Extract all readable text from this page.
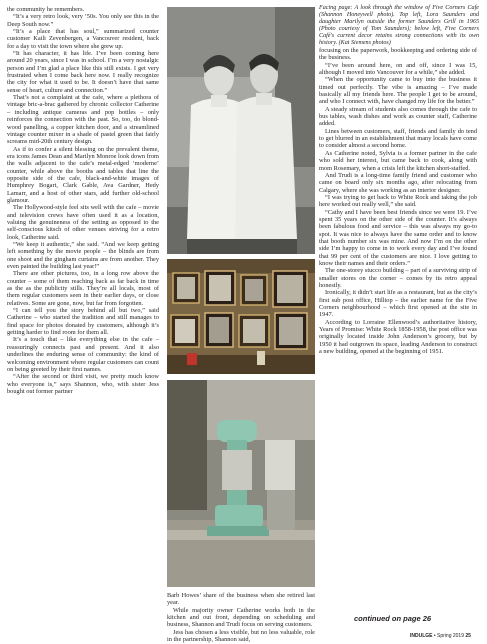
the community he remembers.

“It’s a very retro look, very ’50s. You only see this in the Deep South now.”

“It’s a place that has soul,” summarized counter customer Kaili Zevenbergen, a Vancouver resident, back for a day to visit the town where she grew up.

“It has character, it has life. I’ve been coming here around 20 years, since I was in school. I’m a very nostalgic person and I’m glad a place like this still exists. I get very frustrated when I come back here now. I really recognize the city for what it used to be. It doesn’t have that same sense of heart, culture and connection.”

That’s not a complaint at the cafe, where a plethora of vintage bric-a-brac gathered by chronic collector Catherine – including antique cameras and pop bottles – only reinforces the connection with the past. So, too, do blond-wood panelling, a copper kitchen door, and a streamlined vintage counter mixer in a shade of pastel green that fairly screams mid-20th century design.

As if to confer a silent blessing on the prevalent theme, era icons James Dean and Marilyn Monroe look down from the walls adjacent to the cafe’s metal-edged ‘moderne’ counter, while above the booths and tables that line the opposite side of the cafe, black-and-white images of Humphrey Bogart, Clark Gable, Ava Gardner, Hedy Lamarr, and a host of other stars, add further old-school glamour.

The Hollywood-style feel sits well with the cafe – movie and television crews have often used it as a location, valuing the genuineness of the setting as opposed to the self-conscious kitsch of other venues striving for a retro look, Catherine said.

“We keep it authentic,” she said. “And we keep getting left something by the movie people – the blinds are from one shoot and the gingham curtains are from another. They even painted the building last year!”

There are other pictures, too, in a long row above the counter – some of them reaching back as far back in time as the as the publicity stills. They’re all locals, most of them regular customers seen in their earlier days, or close relatives. Some are gone, now, but far from forgotten.

“I can tell you the story behind all but two,” said Catherine – who started the tradition and still manages to find space for photos donated by customers, although it’s getting harder to find room for them all.

It’s a touch that – like everything else in the cafe – reassuringly connects past and present. And it also underlines the enduring sense of community: the kind of welcoming environment where regular customers can count on being greeted by their first names.

“After the second or third visit, we pretty much know who everyone is,” says Shannon, who, with sister Jess bought out former partner

Facing page: A look through the window of Five Corners Cafe (Shannon Honeywell photo). Top left, Lora Saunders and daughter Marilyn outside the former Saunders Grill in 1965 (Photo courtesy of Tom Saunders); below left, Five Corners Café's current decor retains strong connections with its own history. (Kat Siemens photos)

focusing on the paperwork, bookkeeping and ordering side of the business.

“I’ve been around here, on and off, since I was 15, although I moved into Vancouver for a while,” she added.

“When the opportunity came to buy into the business it timed out perfectly. The vibe is amazing – I’ve made basically all my friends here. The people I get to be around, and who I connect with, have changed my life for the better.”

A steady stream of students also comes through the cafe to bus tables, wash dishes and work as counter staff, Catherine added.

Lines between customers, staff, friends and family do tend to get blurred in an establishment that many locals have come to consider almost a second home.

As Catherine noted, Sylvia is a former partner in the cafe who sold her interest, but came back to cook, along with mom Rosemary, when a crisis left the kitchen short-staffed.

And Trudi is a long-time family friend and customer who came on board only six months ago, after relocating from Calgary, where she was working as an interior designer.

“I was trying to get back to White Rock and taking the job here worked out really well,” she said.

“Cathy and I have been best friends since we were 19. I’ve spent 35 years on the other side of the counter. It’s always been fabulous food and service – this was always my go-to spot. It was nice to always have the same order and to know that booth number six was mine. And now I’m on the other side I’m happy to come in to work every day and I’ve found that 99 per cent of the customers are nice. I love getting to know their names and their orders.”

The one-storey stucco building – part of a surviving strip of smaller stores on the corner – comes by its retro appeal honestly.

Ironically, it didn’t start life as a restaurant, but as the city’s first sub post office, Hilltop – the earlier name for the Five Corners neighbourhood – which first opened at the site in 1947.

According to Lorraine Ellenwood’s authoritative history, Years of Promise: White Rock 1858-1958, the post office was originally located inside John Anderson’s grocery, but by 1950 it had outgrown its space, leading Anderson to construct a new building, opened at the beginning of 1951.

Barb Howes’ share of the business when she retired last year.

While majority owner Catherine works both in the kitchen and out front, depending on scheduling and business, Shannon and Trudi focus on serving customers.

Jess has chosen a less visible, but no less valuable, role in the partnership, Shannon said,

continued on page 26
INDULGE • Spring 2019 25
